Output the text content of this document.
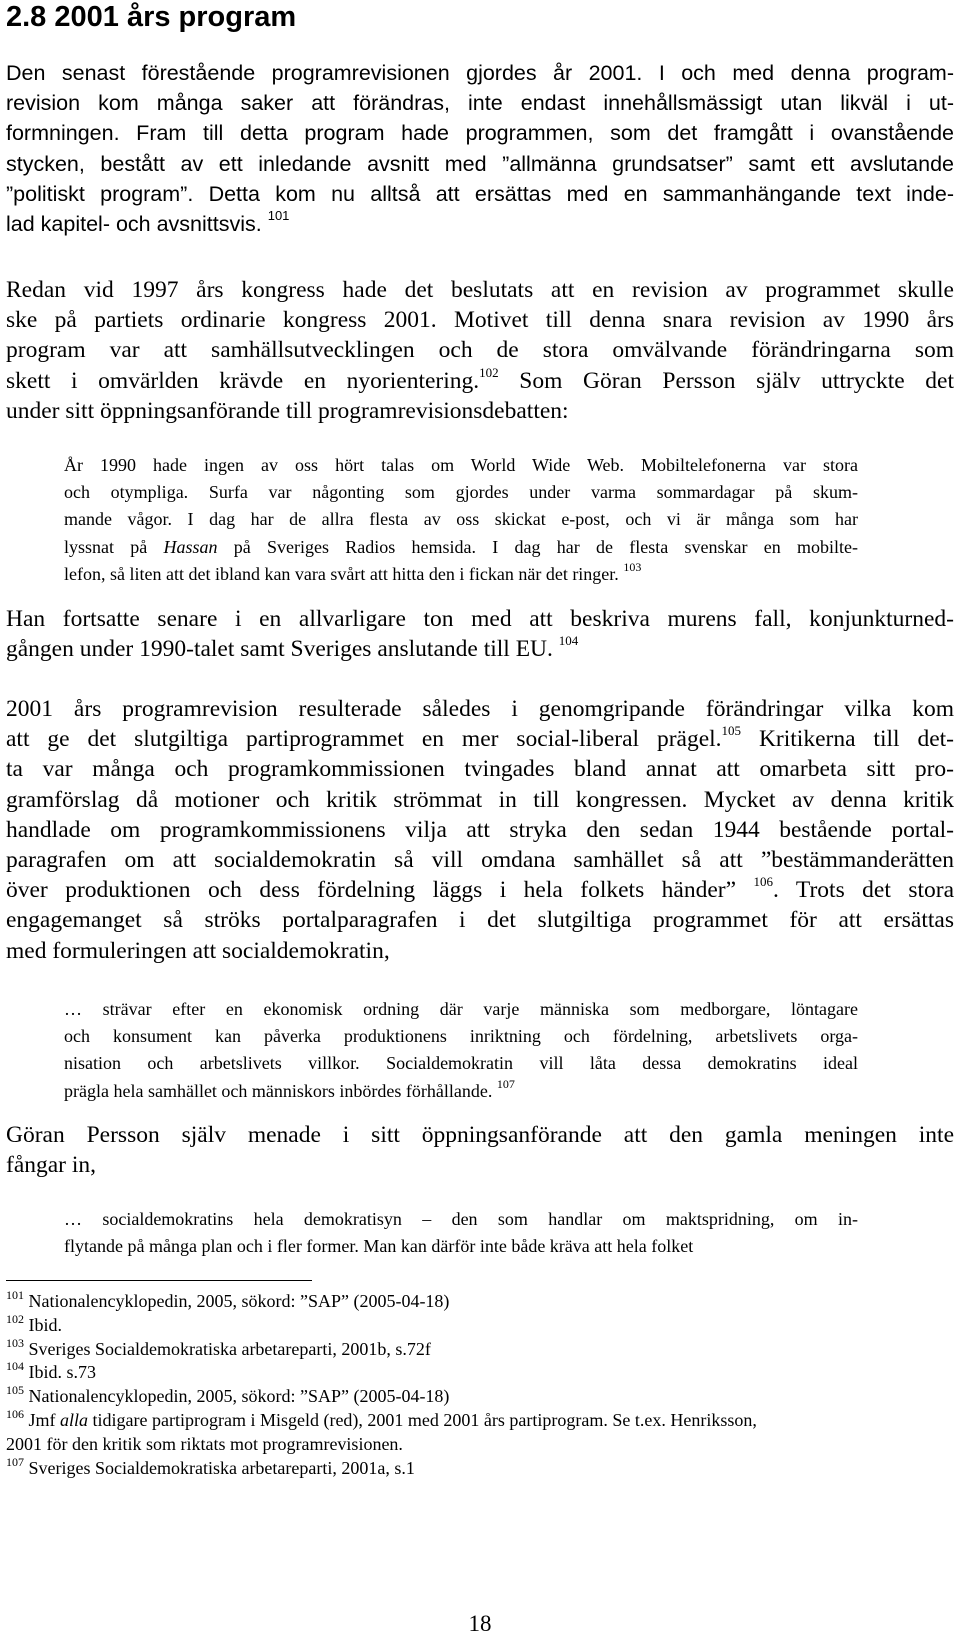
2.8 2001 års program
Den senast förestående programrevisionen gjordes år 2001. I och med denna program-
revision kom många saker att förändras, inte endast innehållsmässigt utan likväl i ut-
formningen. Fram till detta program hade programmen, som det framgått i ovanstående
stycken, bestått av ett inledande avsnitt med ”allmänna grundsatser” samt ett avslutande
”politiskt program”. Detta kom nu alltså att ersättas med en sammanhängande text inde-
lad kapitel- och avsnittsvis. $^{101}$
Redan vid 1997 års kongress hade det beslutats att en revision av programmet skulle
ske på partiets ordinarie kongress 2001. Motivet till denna snara revision av 1990 års
program var att samhällsutvecklingen och de stora omvälvande förändringarna som
skett i omvärlden krävde en nyorientering.$^{102}$ Som Göran Persson själv uttryckte det
under sitt öppningsanförande till programrevisionsdebatten:
År 1990 hade ingen av oss hört talas om World Wide Web. Mobiltelefonerna var stora
och otympliga. Surfa var någonting som gjordes under varma sommardagar på skum-
mande vågor. I dag har de allra flesta av oss skickat e-post, och vi är många som har
lyssnat på Hassan på Sveriges Radios hemsida. I dag har de flesta svenskar en mobilte-
lefon, så liten att det ibland kan vara svårt att hitta den i fickan när det ringer. $^{103}$
Han fortsatte senare i en allvarligare ton med att beskriva murens fall, konjunkturned-
gången under 1990-talet samt Sveriges anslutande till EU. $^{104}$
2001 års programrevision resulterade således i genomgripande förändringar vilka kom
att ge det slutgiltiga partiprogrammet en mer social-liberal prägel.$^{105}$ Kritikerna till det-
ta var många och programkommissionen tvingades bland annat att omarbeta sitt pro-
gramförslag då motioner och kritik strömmat in till kongressen. Mycket av denna kritik
handlade om programkommissionens vilja att stryka den sedan 1944 bestående portal-
paragrafen om att socialdemokratin så vill omdana samhället så att ”bestämmanderätten
över produktionen och dess fördelning läggs i hela folkets händer” $^{106}$. Trots det stora
engagemanget så ströks portalparagrafen i det slutgiltiga programmet för att ersättas
med formuleringen att socialdemokratin,
… strävar efter en ekonomisk ordning där varje människa som medborgare, löntagare
och konsument kan påverka produktionens inriktning och fördelning, arbetslivets orga-
nisation och arbetslivets villkor. Socialdemokratin vill låta dessa demokratins ideal
prägla hela samhället och människors inbördes förhållande. $^{107}$
Göran Persson själv menade i sitt öppningsanförande att den gamla meningen inte
fångar in,
… socialdemokratins hela demokratisyn – den som handlar om maktspridning, om in-
flytande på många plan och i fler former. Man kan därför inte både kräva att hela folket
$^{101}$ Nationalencyklopedin, 2005, sökord: ”SAP” (2005-04-18)
$^{102}$ Ibid.
$^{103}$ Sveriges Socialdemokratiska arbetareparti, 2001b, s.72f
$^{104}$ Ibid. s.73
$^{105}$ Nationalencyklopedin, 2005, sökord: ”SAP” (2005-04-18)
$^{106}$ Jmf alla tidigare partiprogram i Misgeld (red), 2001 med 2001 års partiprogram. Se t.ex. Henriksson,
2001 för den kritik som riktats mot programrevisionen.
$^{107}$ Sveriges Socialdemokratiska arbetareparti, 2001a, s.1
18
